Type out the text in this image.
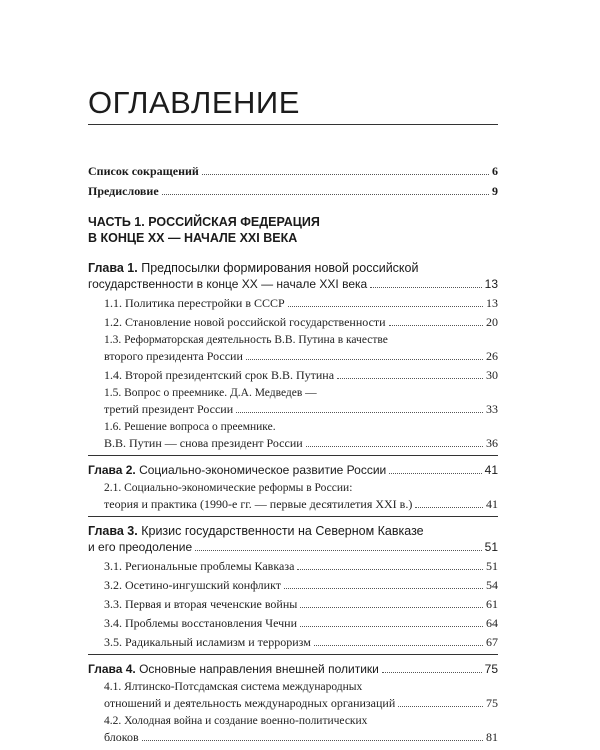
ОГЛАВЛЕНИЕ
Список сокращений	6
Предисловие	9
ЧАСТЬ 1. РОССИЙСКАЯ ФЕДЕРАЦИЯ
В КОНЦЕ XX — НАЧАЛЕ XXI ВЕКА
Глава 1. Предпосылки формирования новой российской
государственности в конце XX — начале XXI века	13
1.1. Политика перестройки в СССР	13
1.2. Становление новой российской государственности	20
1.3. Реформаторская деятельность В.В. Путина в качестве
второго президента России	26
1.4. Второй президентский срок В.В. Путина	30
1.5. Вопрос о преемнике. Д.А. Медведев —
третий президент России	33
1.6. Решение вопроса о преемнике.
В.В. Путин — снова президент России	36
Глава 2. Социально-экономическое развитие России	41
2.1. Социально-экономические реформы в России:
теория и практика (1990-е гг. — первые десятилетия XXI в.)	41
Глава 3. Кризис государственности на Северном Кавказе
и его преодоление	51
3.1. Региональные проблемы Кавказа	51
3.2. Осетино-ингушский конфликт	54
3.3. Первая и вторая чеченские войны	61
3.4. Проблемы восстановления Чечни	64
3.5. Радикальный исламизм и терроризм	67
Глава 4. Основные направления внешней политики	75
4.1. Ялтинско-Потсдамская система международных
отношений и деятельность международных организаций	75
4.2. Холодная война и создание военно-политических
блоков	81
